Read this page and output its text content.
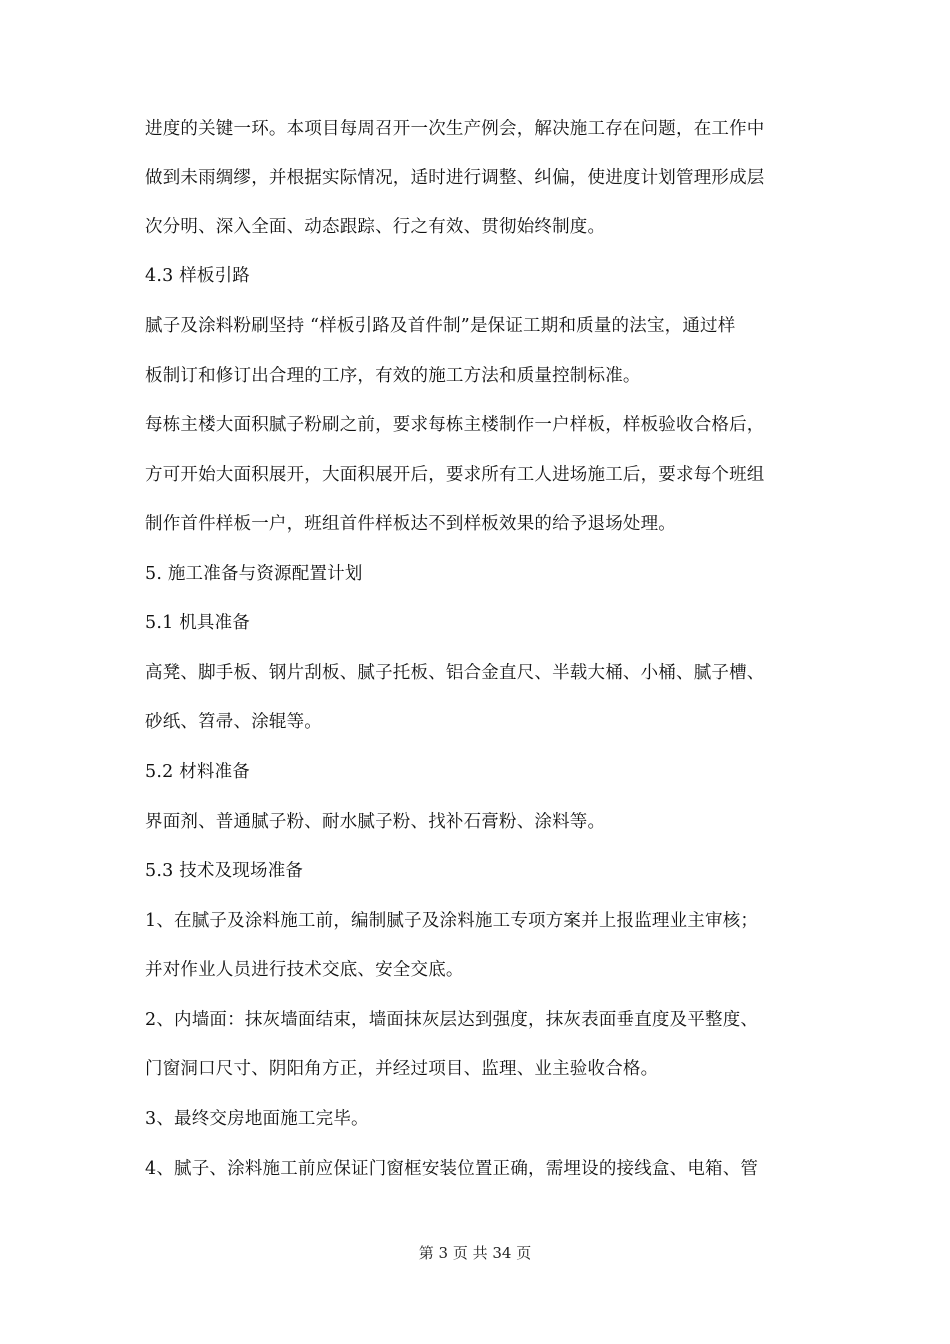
进度的关键一环。本项目每周召开一次生产例会，解决施工存在问题，在工作中
做到未雨绸缪，并根据实际情况，适时进行调整、纠偏，使进度计划管理形成层
次分明、深入全面、动态跟踪、行之有效、贯彻始终制度。
4.3 样板引路
腻子及涂料粉刷坚持 “样板引路及首件制”是保证工期和质量的法宝，通过样
板制订和修订出合理的工序，有效的施工方法和质量控制标准。
每栋主楼大面积腻子粉刷之前，要求每栋主楼制作一户样板，样板验收合格后，
方可开始大面积展开，大面积展开后，要求所有工人进场施工后，要求每个班组
制作首件样板一户，班组首件样板达不到样板效果的给予退场处理。
5. 施工准备与资源配置计划
5.1 机具准备
高凳、脚手板、钢片刮板、腻子托板、铝合金直尺、半载大桶、小桶、腻子槽、
砂纸、笤帚、涂辊等。
5.2 材料准备
界面剂、普通腻子粉、耐水腻子粉、找补石膏粉、涂料等。
5.3 技术及现场准备
1、在腻子及涂料施工前，编制腻子及涂料施工专项方案并上报监理业主审核；
并对作业人员进行技术交底、安全交底。
2、内墙面：抹灰墙面结束，墙面抹灰层达到强度，抹灰表面垂直度及平整度、
门窗洞口尺寸、阴阳角方正，并经过项目、监理、业主验收合格。
3、最终交房地面施工完毕。
4、腻子、涂料施工前应保证门窗框安装位置正确，需埋设的接线盒、电箱、管
第 3 页 共 34 页
